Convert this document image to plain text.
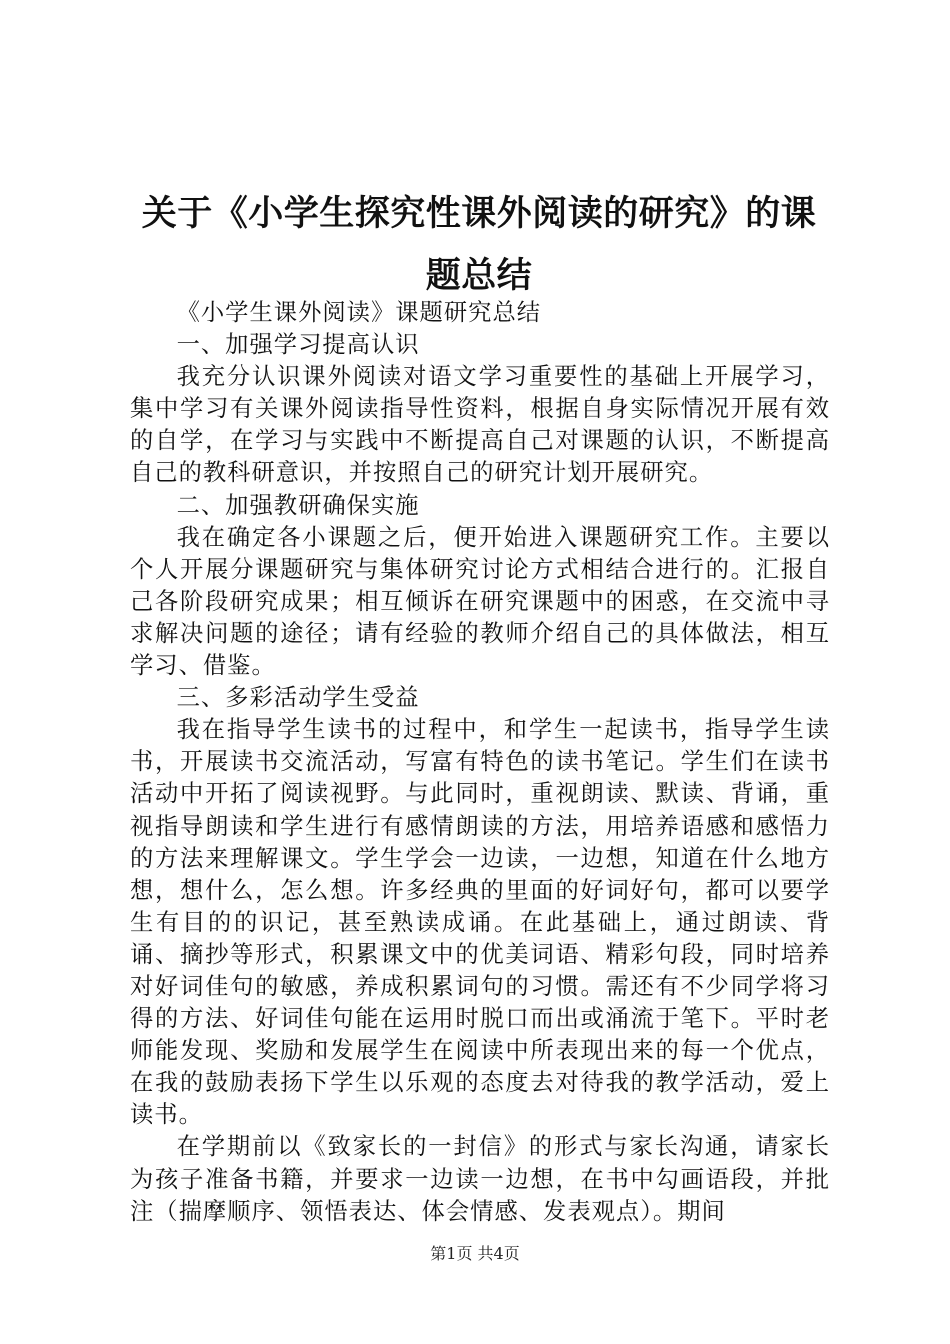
关于《小学生探究性课外阅读的研究》的课题总结

《小学生课外阅读》课题研究总结

一、加强学习提高认识

我充分认识课外阅读对语文学习重要性的基础上开展学习，集中学习有关课外阅读指导性资料，根据自身实际情况开展有效的自学，在学习与实践中不断提高自己对课题的认识，不断提高自己的教科研意识，并按照自己的研究计划开展研究。

二、加强教研确保实施

我在确定各小课题之后，便开始进入课题研究工作。主要以个人开展分课题研究与集体研究讨论方式相结合进行的。汇报自己各阶段研究成果；相互倾诉在研究课题中的困惑，在交流中寻求解决问题的途径；请有经验的教师介绍自己的具体做法，相互学习、借鉴。

三、多彩活动学生受益

我在指导学生读书的过程中，和学生一起读书，指导学生读书，开展读书交流活动，写富有特色的读书笔记。学生们在读书活动中开拓了阅读视野。与此同时，重视朗读、默读、背诵，重视指导朗读和学生进行有感情朗读的方法，用培养语感和感悟力的方法来理解课文。学生学会一边读，一边想，知道在什么地方想，想什么，怎么想。许多经典的里面的好词好句，都可以要学生有目的的识记，甚至熟读成诵。在此基础上，通过朗读、背诵、摘抄等形式，积累课文中的优美词语、精彩句段，同时培养对好词佳句的敏感，养成积累词句的习惯。需还有不少同学将习得的方法、好词佳句能在运用时脱口而出或涌流于笔下。平时老师能发现、奖励和发展学生在阅读中所表现出来的每一个优点，在我的鼓励表扬下学生以乐观的态度去对待我的教学活动，爱上读书。

在学期前以《致家长的一封信》的形式与家长沟通，请家长为孩子准备书籍，并要求一边读一边想，在书中勾画语段，并批注（揣摩顺序、领悟表达、体会情感、发表观点）。期间

第1页 共4页
